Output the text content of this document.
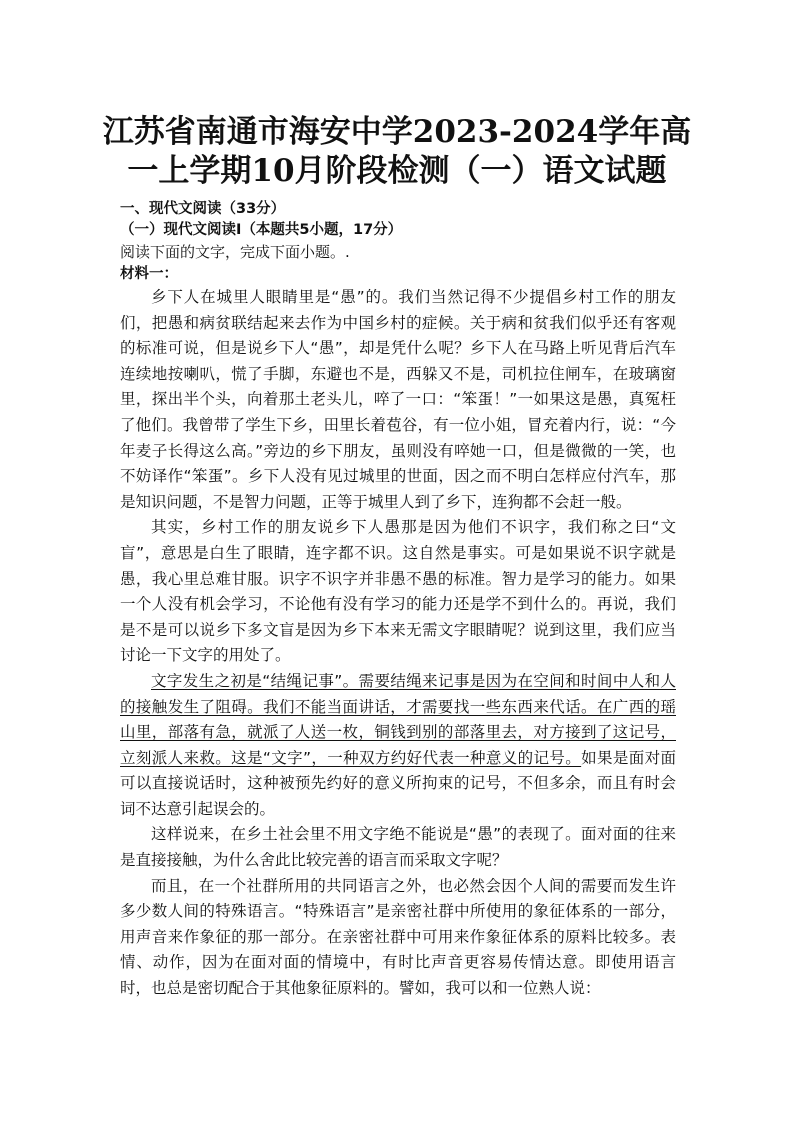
江苏省南通市海安中学2023-2024学年高
一上学期10月阶段检测（一）语文试题

一、现代文阅读（33分）

（一）现代文阅读Ⅰ（本题共5小题，17分）

阅读下面的文字，完成下面小题。.

材料一：

乡下人在城里人眼睛里是“愚”的。我们当然记得不少提倡乡村工作的朋友们，把愚和病贫联结起来去作为中国乡村的症候。关于病和贫我们似乎还有客观的标准可说，但是说乡下人“愚”，却是凭什么呢？乡下人在马路上听见背后汽车连续地按喇叭，慌了手脚，东避也不是，西躲又不是，司机拉住闸车，在玻璃窗里，探出半个头，向着那土老头儿，啐了一口：“笨蛋！”一如果这是愚，真冤枉了他们。我曾带了学生下乡，田里长着苞谷，有一位小姐，冒充着内行，说：“今年麦子长得这么高。”旁边的乡下朋友，虽则没有啐她一口，但是微微的一笑，也不妨译作“笨蛋”。乡下人没有见过城里的世面，因之而不明白怎样应付汽车，那是知识问题，不是智力问题，正等于城里人到了乡下，连狗都不会赶一般。

其实，乡村工作的朋友说乡下人愚那是因为他们不识字，我们称之曰“文盲”，意思是白生了眼睛，连字都不识。这自然是事实。可是如果说不识字就是愚，我心里总难甘服。识字不识字并非愚不愚的标准。智力是学习的能力。如果一个人没有机会学习，不论他有没有学习的能力还是学不到什么的。再说，我们是不是可以说乡下多文盲是因为乡下本来无需文字眼睛呢？说到这里，我们应当讨论一下文字的用处了。

文字发生之初是“结绳记事”。需要结绳来记事是因为在空间和时间中人和人的接触发生了阻碍。我们不能当面讲话，才需要找一些东西来代话。在广西的瑶山里，部落有急，就派了人送一枚，铜钱到别的部落里去，对方接到了这记号，立刻派人来救。这是“文字”，一种双方约好代表一种意义的记号。如果是面对面可以直接说话时，这种被预先约好的意义所拘束的记号，不但多余，而且有时会词不达意引起误会的。

这样说来，在乡土社会里不用文字绝不能说是“愚”的表现了。面对面的往来是直接接触，为什么舍此比较完善的语言而采取文字呢？

而且，在一个社群所用的共同语言之外，也必然会因个人间的需要而发生许多少数人间的特殊语言。“特殊语言”是亲密社群中所使用的象征体系的一部分，用声音来作象征的那一部分。在亲密社群中可用来作象征体系的原料比较多。表情、动作，因为在面对面的情境中，有时比声音更容易传情达意。即使用语言时，也总是密切配合于其他象征原料的。譬如，我可以和一位熟人说：
